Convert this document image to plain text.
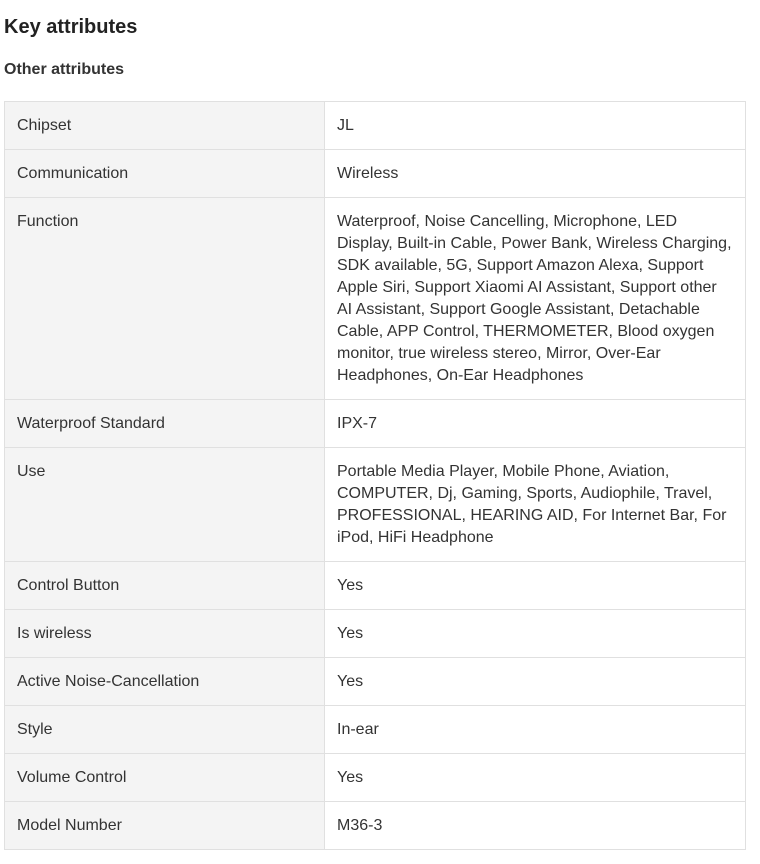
Key attributes
Other attributes
Chipset	JL
Communication	Wireless
Function	Waterproof, Noise Cancelling, Microphone, LED Display, Built-in Cable, Power Bank, Wireless Charging, SDK available, 5G, Support Amazon Alexa, Support Apple Siri, Support Xiaomi AI Assistant, Support other AI Assistant, Support Google Assistant, Detachable Cable, APP Control, THERMOMETER, Blood oxygen monitor, true wireless stereo, Mirror, Over-Ear Headphones, On-Ear Headphones
Waterproof Standard	IPX-7
Use	Portable Media Player, Mobile Phone, Aviation, COMPUTER, Dj, Gaming, Sports, Audiophile, Travel, PROFESSIONAL, HEARING AID, For Internet Bar, For iPod, HiFi Headphone
Control Button	Yes
Is wireless	Yes
Active Noise-Cancellation	Yes
Style	In-ear
Volume Control	Yes
Model Number	M36-3
